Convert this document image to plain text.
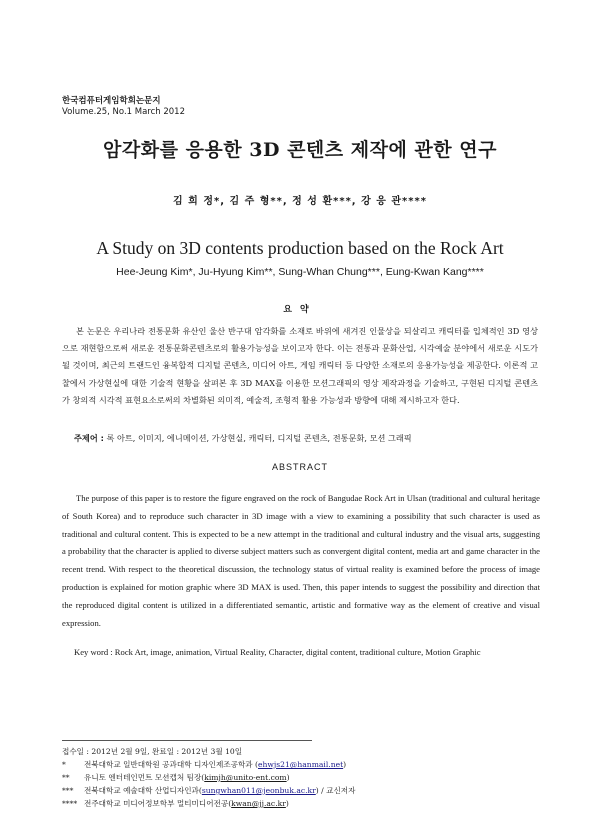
한국컴퓨터게임학회논문지
Volume.25, No.1 March 2012
암각화를 응용한 3D 콘텐츠 제작에 관한 연구
김 희 정*, 김 주 형**, 정 성 환***, 강 응 관****
A Study on 3D contents production based on the Rock Art
Hee-Jeung Kim*, Ju-Hyung Kim**, Sung-Whan Chung***, Eung-Kwan Kang****
요약

본 논문은 우리나라 전통문화 유산인 울산 반구대 암각화를 소재로 바위에 새겨진 인물상을 되살리고 캐릭터를 입체적인 3D 영상으로 재현함으로써 새로운 전통문화콘텐츠로의 활용가능성을 보이고자 한다. 이는 전통과 문화산업, 시각예술 분야에서 새로운 시도가 될 것이며, 최근의 트랜드인 융복합적 디지털 콘텐츠, 미디어 아트, 게임 캐릭터 등 다양한 소재로의 응용가능성을 제공한다. 이론적 고찰에서 가상현실에 대한 기술적 현황을 살펴본 후 3D MAX를 이용한 모션그래픽의 영상 제작과정을 기술하고, 구현된 디지털 콘텐츠가 창의적 시각적 표현요소로써의 차별화된 의미적, 예술적, 조형적 활용 가능성과 방향에 대해 제시하고자 한다.

주제어 : 록 아트, 이미지, 에니메이션, 가상현실, 캐릭터, 디지털 콘텐츠, 전통문화, 모션 그래픽
ABSTRACT

The purpose of this paper is to restore the figure engraved on the rock of Bangudae Rock Art in Ulsan (traditional and cultural heritage of South Korea) and to reproduce such character in 3D image with a view to examining a possibility that such character is used as traditional and cultural content. This is expected to be a new attempt in the traditional and cultural industry and the visual arts, suggesting a probability that the character is applied to diverse subject matters such as convergent digital content, media art and game character in the recent trend. With respect to the theoretical discussion, the technology status of virtual reality is examined before the process of image production is explained for motion graphic where 3D MAX is used. Then, this paper intends to suggest the possibility and direction that the reproduced digital content is utilized in a differentiated semantic, artistic and formative way as the element of creative and visual expression.

Key word : Rock Art, image, animation, Virtual Reality, Character, digital content, traditional culture, Motion Graphic
접수일 : 2012년 2월 9일, 완료일 : 2012년 3월 10일
* 전북대학교 일반대학원 공과대학 디자인제조공학과 (ehwjs21@hanmail.net)
** 유니토 엔터테인먼트 모션캡처 팀장(kimjh@unito-ent.com)
*** 전북대학교 예술대학 산업디자인과(sungwhan011@jeonbuk.ac.kr) / 교신저자
**** 전주대학교 미디어정보학부 멀티미디어전공(kwan@jj.ac.kr)
